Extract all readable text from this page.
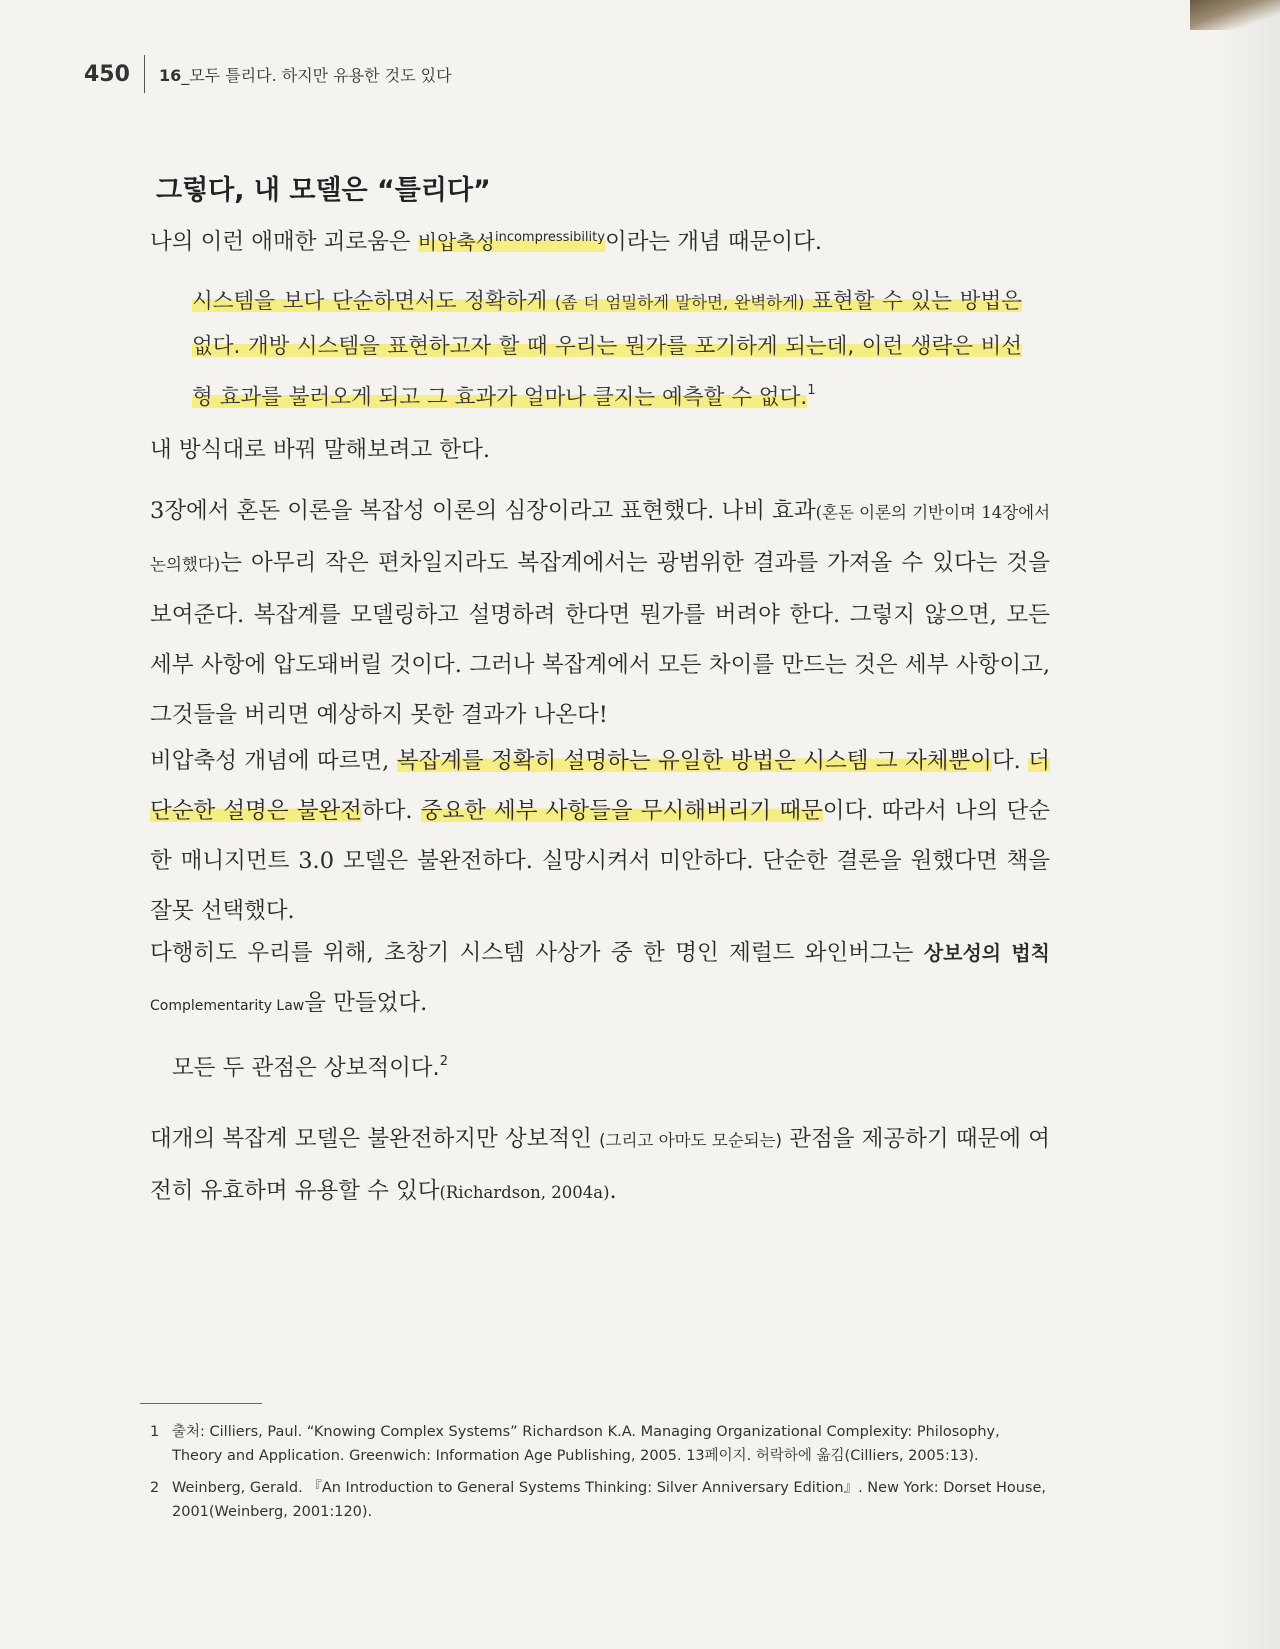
450 16_모두 틀리다. 하지만 유용한 것도 있다
그렇다, 내 모델은 “틀리다”

나의 이런 애매한 괴로움은 비압축성$^{incompressibility}$이라는 개념 때문이다.

시스템을 보다 단순하면서도 정확하게 (좀 더 엄밀하게 말하면, 완벽하게) 표현할 수 있는 방법은 없다. 개방 시스템을 표현하고자 할 때 우리는 뭔가를 포기하게 되는데, 이런 생략은 비선형 효과를 불러오게 되고 그 효과가 얼마나 클지는 예측할 수 없다.$^1$

내 방식대로 바꿔 말해보려고 한다.

3장에서 혼돈 이론을 복잡성 이론의 심장이라고 표현했다. 나비 효과(혼돈 이론의 기반이며 14장에서 논의했다)는 아무리 작은 편차일지라도 복잡계에서는 광범위한 결과를 가져올 수 있다는 것을 보여준다. 복잡계를 모델링하고 설명하려 한다면 뭔가를 버려야 한다. 그렇지 않으면, 모든 세부 사항에 압도돼버릴 것이다. 그러나 복잡계에서 모든 차이를 만드는 것은 세부 사항이고, 그것들을 버리면 예상하지 못한 결과가 나온다!

비압축성 개념에 따르면, 복잡계를 정확히 설명하는 유일한 방법은 시스템 그 자체뿐이다. 더 단순한 설명은 불완전하다. 중요한 세부 사항들을 무시해버리기 때문이다. 따라서 나의 단순한 매니지먼트 3.0 모델은 불완전하다. 실망시켜서 미안하다. 단순한 결론을 원했다면 책을 잘못 선택했다.

다행히도 우리를 위해, 초창기 시스템 사상가 중 한 명인 제럴드 와인버그는 상보성의 법칙 Complementarity Law을 만들었다.

모든 두 관점은 상보적이다.$^2$

대개의 복잡계 모델은 불완전하지만 상보적인 (그리고 아마도 모순되는) 관점을 제공하기 때문에 여전히 유효하며 유용할 수 있다(Richardson, 2004a).

1 출처: Cilliers, Paul. “Knowing Complex Systems” Richardson K.A. Managing Organizational Complexity: Philosophy, Theory and Application. Greenwich: Information Age Publishing, 2005. 13페이지. 허락하에 옮김(Cilliers, 2005:13).
2 Weinberg, Gerald. 『An Introduction to General Systems Thinking: Silver Anniversary Edition』. New York: Dorset House, 2001(Weinberg, 2001:120).
